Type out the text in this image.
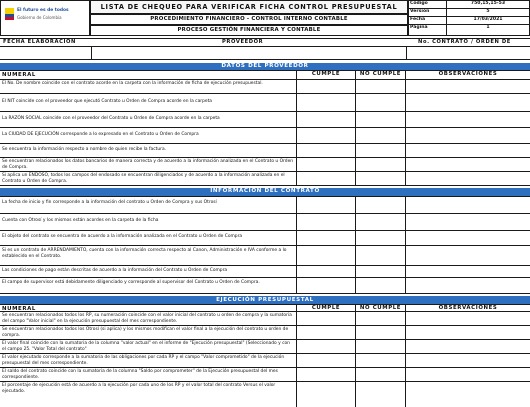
El futuro es de todos
Gobierno de Colombia
LISTA DE CHEQUEO PARA VERIFICAR FICHA CONTROL PRESUPUESTAL
PROCEDIMIENTO FINANCIERO - CONTROL INTERNO CONTABLE
PROCESO GESTIÓN FINANCIERA Y CONTABLE
Código	750,15,15-53
Versión	5
Fecha	17/03/2021
Página	1
FECHA ELABORACIÓN	PROVEEDOR	No. CONTRATO / ORDEN DE
DATOS DEL PROVEEDOR
NUMERAL	CUMPLE	NO CUMPLE	OBSERVACIONES
El No. De nombre coincide con el contrato acorde en la carpeta con la información de ficha de ejecución presupuestal.
El NIT coincide con el proveedor que ejecutó Contrato u Orden de Compra acorde en la carpeta
La RAZÓN SOCIAL coincide con el proveedor del Contrato u Orden de Compra acorde en la carpeta
La CIUDAD DE EJECUCIÓN corresponde a lo expresado en el Contrato u Orden de Compra
Se encuentra la información respecto a nombre de quien recibe la factura.
Se encuentran relacionados los datos bancarios de manera correcta y de acuerdo a la información analizada en el Contrato u Orden de Compra.
Si aplica un ENDOSO, todos los campos del endosado se encuentran diligenciados y de acuerdo a la información analizada en el Contrato u Orden de Compra.
INFORMACIÓN DEL CONTRATO
La fecha de inicio y fin corresponde a la información del contrato u Orden de Compra y sus Otrosí
Cuenta con Otrosí y los mismos están acordes en la carpeta de la ficha
El objeto del contrato se encuentra de acuerdo a la información analizada en el Contrato u Orden de Compra
Si es un contrato de ARRENDAMIENTO, cuenta con la información correcta respecto al Canon, Administración e IVA conforme a lo establecido en el Contrato.
Las condiciones de pago están descritas de acuerdo a la información del Contrato u Orden de Compra
El campo de supervisor está debidamente diligenciado y corresponde al supervisor del Contrato u Orden de Compra.
EJECUCIÓN PRESUPUESTAL
NUMERAL	CUMPLE	NO CUMPLE	OBSERVACIONES
Se encuentran relacionados todos los RP, su numeración coincide con el valor inicial del contrato u orden de compra y la sumatoria del campo "Valor inicial" en la ejecución presupuestal del mes correspondiente.
Se encuentran relacionados todos los Otrosí (si aplica) y los mismos modifican el valor final a la ejecución del contrato u orden de compra.
El valor final coincide con la sumatoria de la columna "valor actual" en el informe de "Ejecución presupuestal" (Seleccionado y con el campo 25. "Valor Total del contrato"
El valor ejecutado corresponde a la sumatoria de las obligaciones por cada RP y el campo "Valor comprometido" de la ejecución presupuestal del mes correspondiente.
El saldo del contrato coincide con la sumatoria de la columna "Saldo por comprometer" de la Ejecución presupuestal del mes correspondiente.
El porcentaje de ejecución está de acuerdo a la ejecución por cada uno de los RP y el valor total del contrato Versus el valor ejecutado.
